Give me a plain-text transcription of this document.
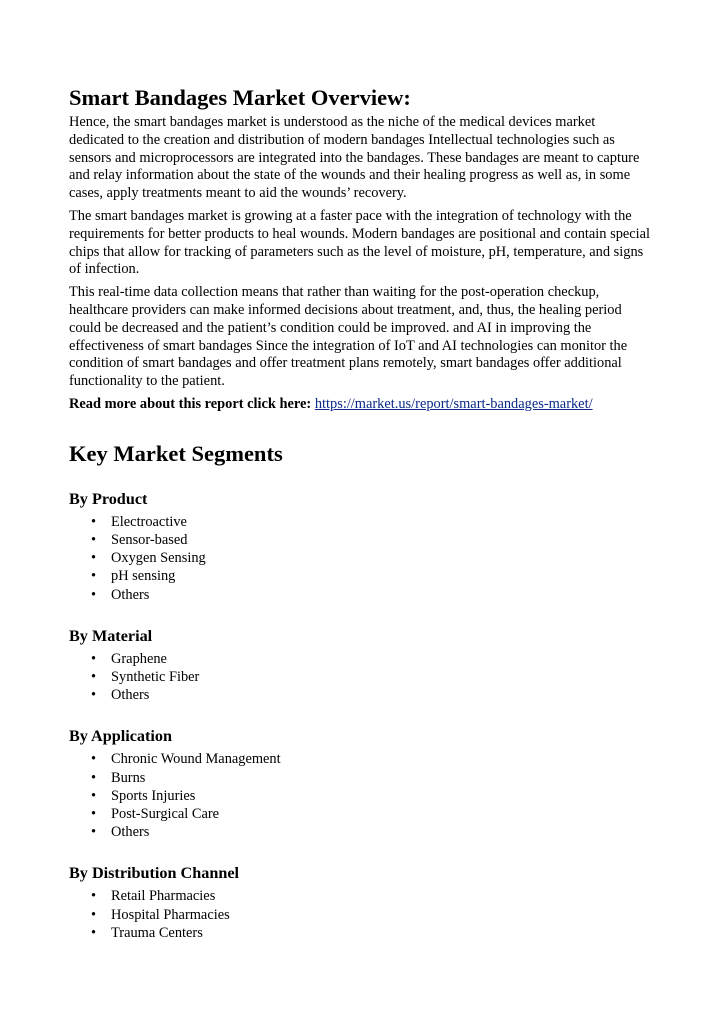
Smart Bandages Market Overview:

Hence, the smart bandages market is understood as the niche of the medical devices market dedicated to the creation and distribution of modern bandages Intellectual technologies such as sensors and microprocessors are integrated into the bandages. These bandages are meant to capture and relay information about the state of the wounds and their healing progress as well as, in some cases, apply treatments meant to aid the wounds’ recovery.

The smart bandages market is growing at a faster pace with the integration of technology with the requirements for better products to heal wounds. Modern bandages are positional and contain special chips that allow for tracking of parameters such as the level of moisture, pH, temperature, and signs of infection.

This real-time data collection means that rather than waiting for the post-operation checkup, healthcare providers can make informed decisions about treatment, and, thus, the healing period could be decreased and the patient’s condition could be improved. and AI in improving the effectiveness of smart bandages Since the integration of IoT and AI technologies can monitor the condition of smart bandages and offer treatment plans remotely, smart bandages offer additional functionality to the patient.

Read more about this report click here: https://market.us/report/smart-bandages-market/

Key Market Segments
By Product
• Electroactive
• Sensor-based
• Oxygen Sensing
• pH sensing
• Others
By Material
• Graphene
• Synthetic Fiber
• Others
By Application
• Chronic Wound Management
• Burns
• Sports Injuries
• Post-Surgical Care
• Others
By Distribution Channel
• Retail Pharmacies
• Hospital Pharmacies
• Trauma Centers
